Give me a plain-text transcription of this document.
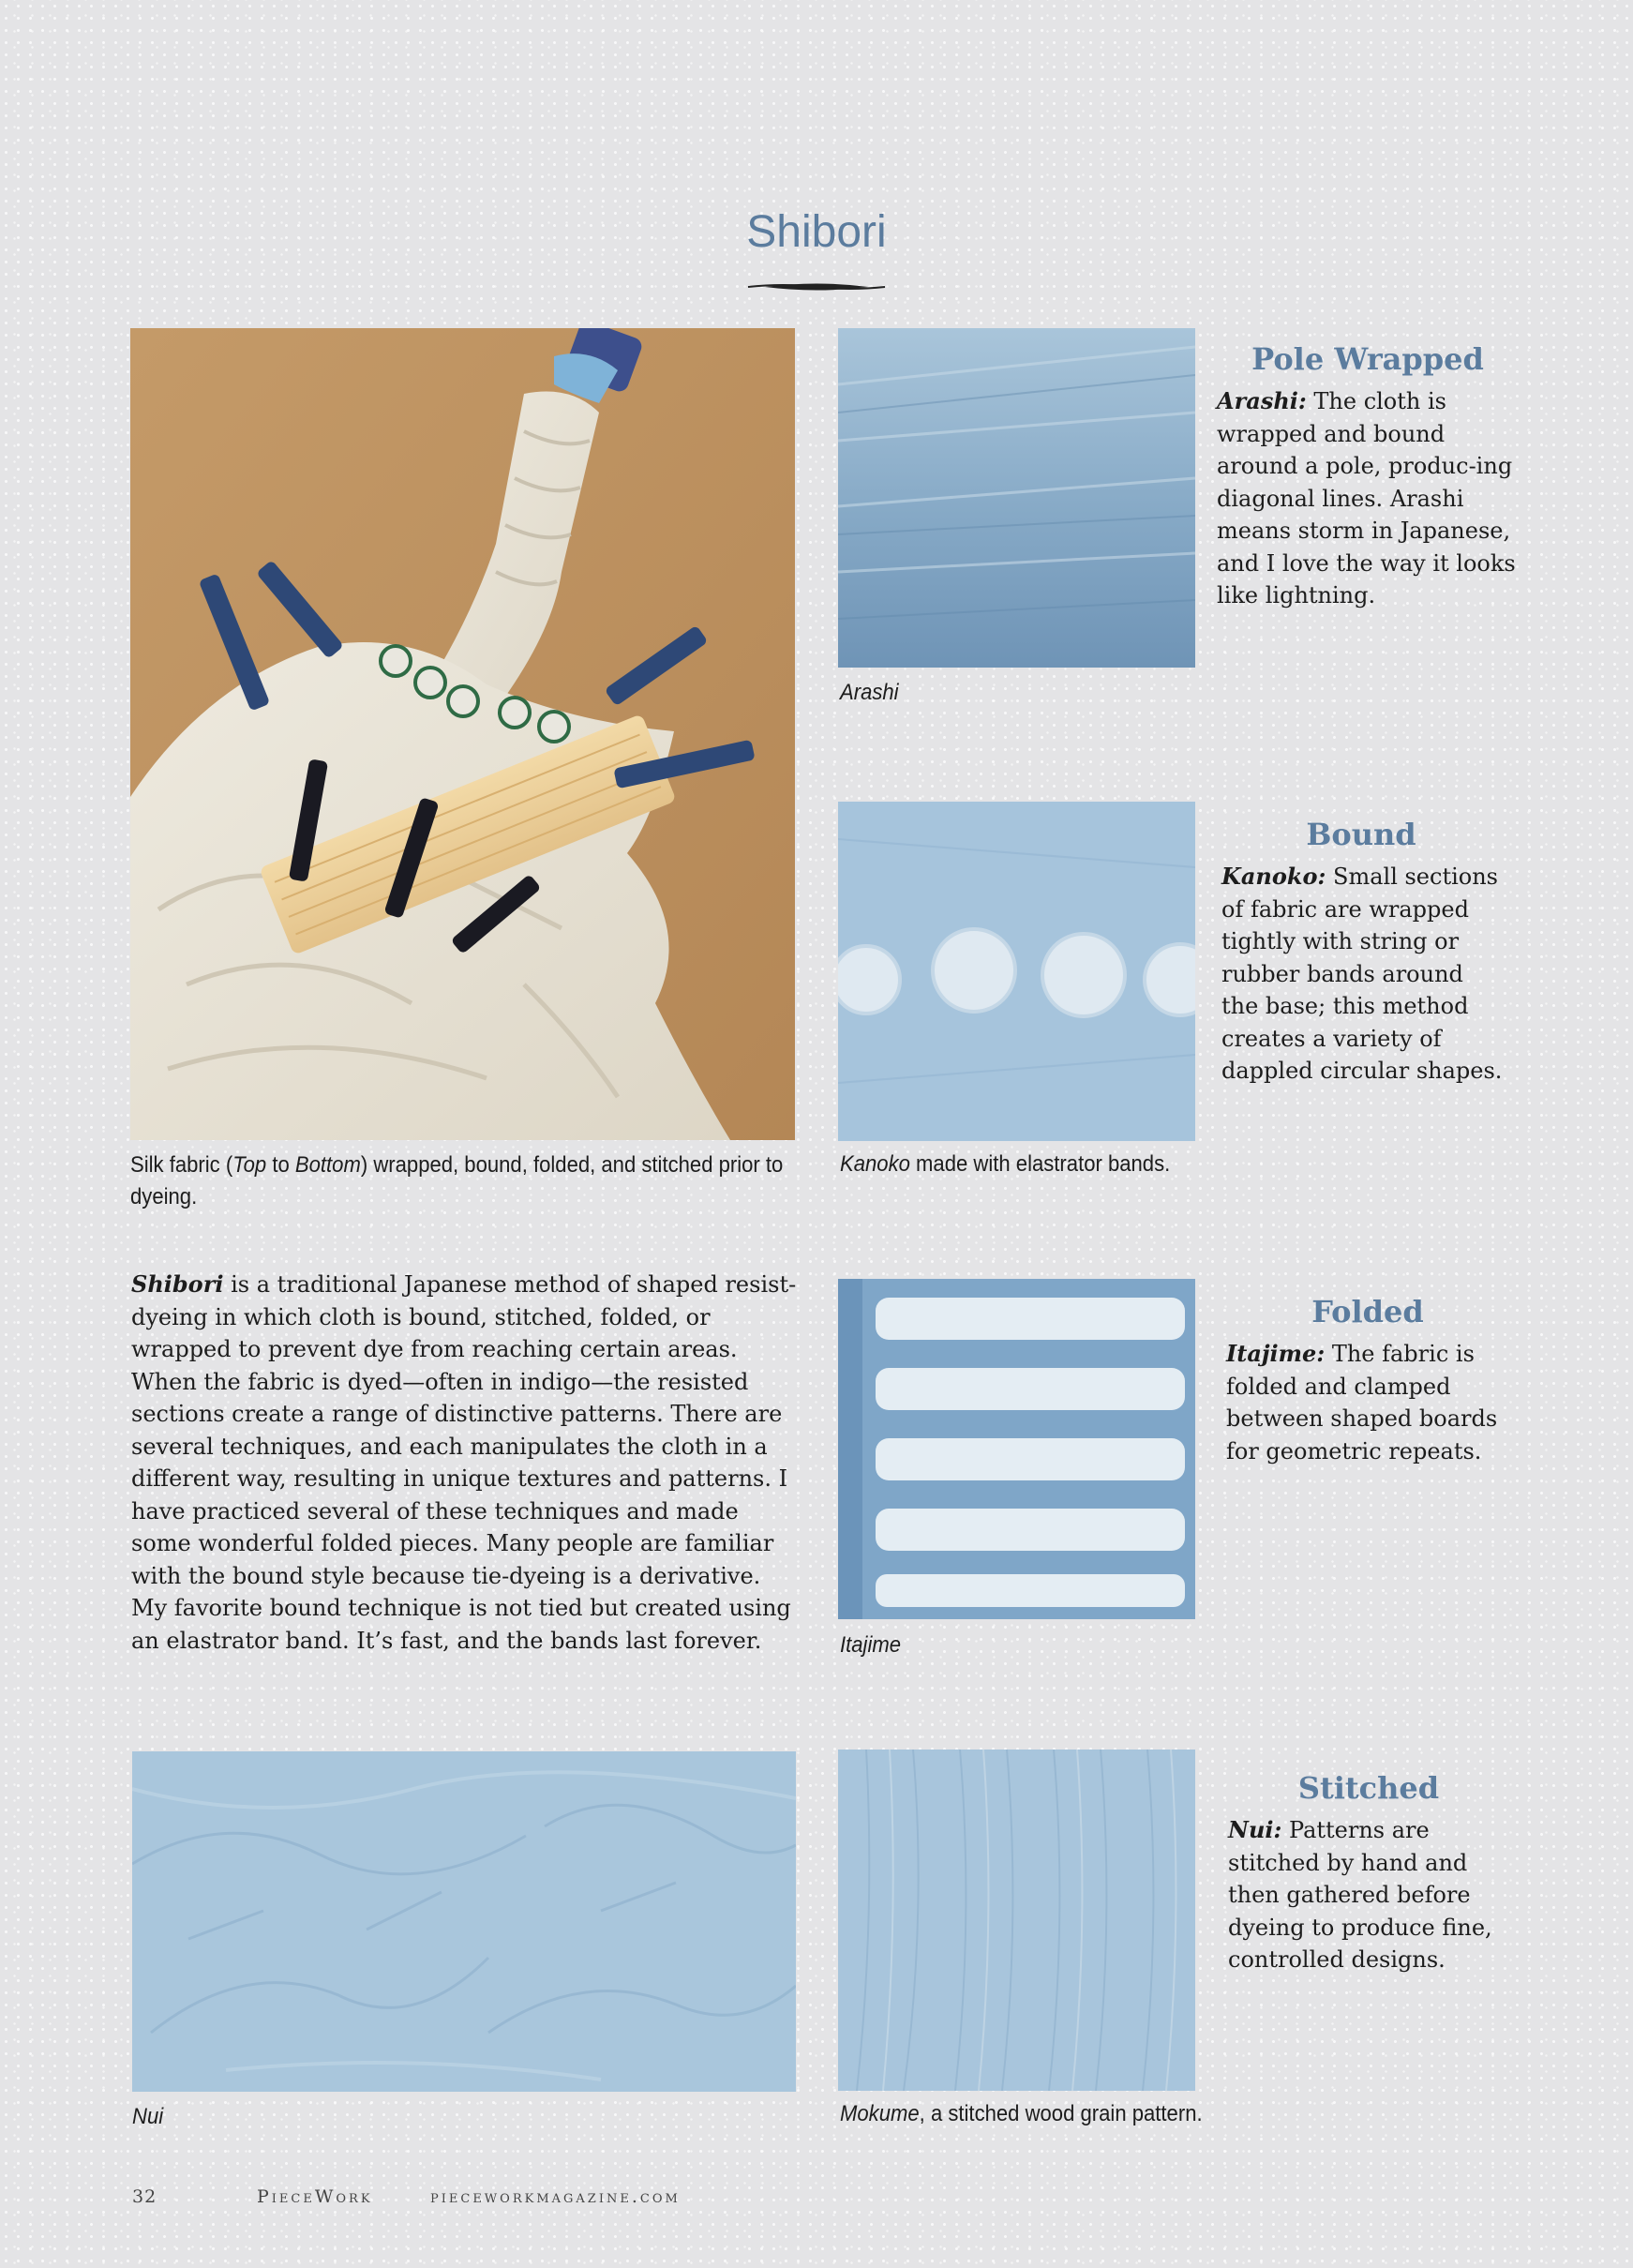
Shibori
Silk fabric (Top to Bottom) wrapped, bound, folded, and stitched prior to dyeing.
Shibori is a traditional Japanese method of shaped resist-dyeing in which cloth is bound, stitched, folded, or wrapped to prevent dye from reaching certain areas. When the fabric is dyed—often in indigo—the resisted sections create a range of distinctive patterns. There are several techniques, and each manipulates the cloth in a different way, resulting in unique textures and patterns. I have practiced several of these techniques and made some wonderful folded pieces. Many people are familiar with the bound style because tie-dyeing is a derivative. My favorite bound technique is not tied but created using an elastrator band. It’s fast, and the bands last forever.
Arashi
Pole Wrapped
Arashi: The cloth is wrapped and bound around a pole, produc-ing diagonal lines. Arashi means storm in Japanese, and I love the way it looks like lightning.
Kanoko made with elastrator bands.
Bound
Kanoko: Small sections of fabric are wrapped tightly with string or rubber bands around the base; this method creates a variety of dappled circular shapes.
Itajime
Folded
Itajime: The fabric is folded and clamped between shaped boards for geometric repeats.
Nui	Mokume, a stitched wood grain pattern.
Stitched
Nui: Patterns are stitched by hand and then gathered before dyeing to produce fine, controlled designs.
32	PieceWork	pieceworkmagazine.com
